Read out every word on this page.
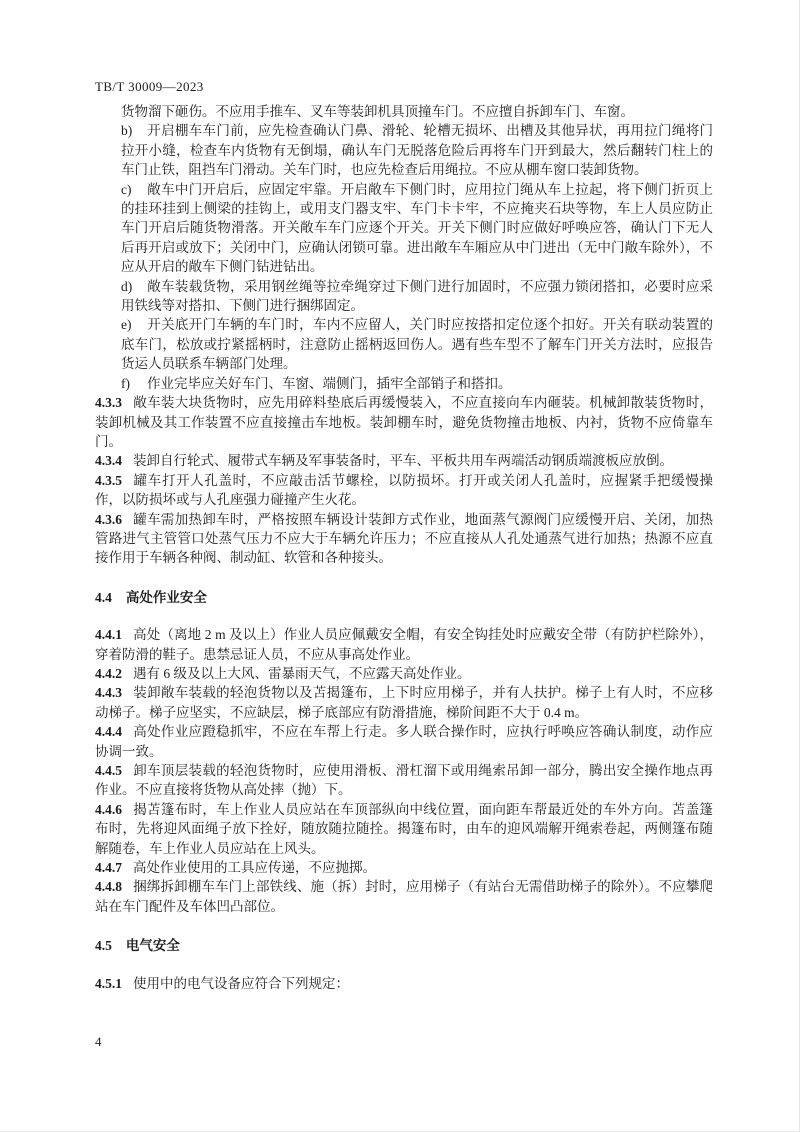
TB/T 30009—2023

货物溜下砸伤。不应用手推车、叉车等装卸机具顶撞车门。不应擅自拆卸车门、车窗。

b) 开启棚车车门前，应先检查确认门鼻、滑轮、轮槽无损坏、出槽及其他异状，再用拉门绳将门拉开小缝，检查车内货物有无倒塌，确认车门无脱落危险后再将车门开到最大，然后翻转门柱上的车门止铁，阻挡车门滑动。关车门时，也应先检查后用绳拉。不应从棚车窗口装卸货物。

c) 敞车中门开启后，应固定牢靠。开启敞车下侧门时，应用拉门绳从车上拉起，将下侧门折页上的挂环挂到上侧梁的挂钩上，或用支门器支牢、车门卡卡牢，不应掩夹石块等物，车上人员应防止车门开启后随货物滑落。开关敞车车门应逐个开关。开关下侧门时应做好呼唤应答，确认门下无人后再开启或放下；关闭中门，应确认闭锁可靠。进出敞车车厢应从中门进出（无中门敞车除外），不应从开启的敞车下侧门钻进钻出。

d) 敞车装载货物，采用钢丝绳等拉牵绳穿过下侧门进行加固时，不应强力锁闭搭扣，必要时应采用铁线等对搭扣、下侧门进行捆绑固定。

e) 开关底开门车辆的车门时，车内不应留人，关门时应按搭扣定位逐个扣好。开关有联动装置的底车门，松放或拧紧摇柄时，注意防止摇柄返回伤人。遇有些车型不了解车门开关方法时，应报告货运人员联系车辆部门处理。

f) 作业完毕应关好车门、车窗、端侧门，插牢全部销子和搭扣。

4.3.3 敞车装大块货物时，应先用碎料垫底后再缓慢装入，不应直接向车内砸装。机械卸散装货物时，装卸机械及其工作装置不应直接撞击车地板。装卸棚车时，避免货物撞击地板、内衬，货物不应倚靠车门。

4.3.4 装卸自行轮式、履带式车辆及军事装备时，平车、平板共用车两端活动钢质端渡板应放倒。

4.3.5 罐车打开人孔盖时，不应敲击活节螺栓，以防损坏。打开或关闭人孔盖时，应握紧手把缓慢操作，以防损坏或与人孔座强力碰撞产生火花。

4.3.6 罐车需加热卸车时，严格按照车辆设计装卸方式作业，地面蒸气源阀门应缓慢开启、关闭，加热管路进气主管管口处蒸气压力不应大于车辆允许压力；不应直接从人孔处通蒸气进行加热；热源不应直接作用于车辆各种阀、制动缸、软管和各种接头。

4.4 高处作业安全

4.4.1 高处（离地 2 m 及以上）作业人员应佩戴安全帽，有安全钩挂处时应戴安全带（有防护栏除外），穿着防滑的鞋子。患禁忌证人员，不应从事高处作业。

4.4.2 遇有 6 级及以上大风、雷暴雨天气，不应露天高处作业。

4.4.3 装卸敞车装载的轻泡货物以及苫揭篷布，上下时应用梯子，并有人扶护。梯子上有人时，不应移动梯子。梯子应坚实，不应缺层，梯子底部应有防滑措施，梯阶间距不大于 0.4 m。

4.4.4 高处作业应蹬稳抓牢，不应在车帮上行走。多人联合操作时，应执行呼唤应答确认制度，动作应协调一致。

4.4.5 卸车顶层装载的轻泡货物时，应使用滑板、滑杠溜下或用绳索吊卸一部分，腾出安全操作地点再作业。不应直接将货物从高处摔（抛）下。

4.4.6 揭苫篷布时，车上作业人员应站在车顶部纵向中线位置，面向距车帮最近处的车外方向。苫盖篷布时，先将迎风面绳子放下拴好，随放随拉随拴。揭篷布时，由车的迎风端解开绳索卷起，两侧篷布随解随卷，车上作业人员应站在上风头。

4.4.7 高处作业使用的工具应传递，不应抛掷。

4.4.8 捆绑拆卸棚车车门上部铁线、施（拆）封时，应用梯子（有站台无需借助梯子的除外）。不应攀爬站在车门配件及车体凹凸部位。

4.5 电气安全

4.5.1 使用中的电气设备应符合下列规定：

4
